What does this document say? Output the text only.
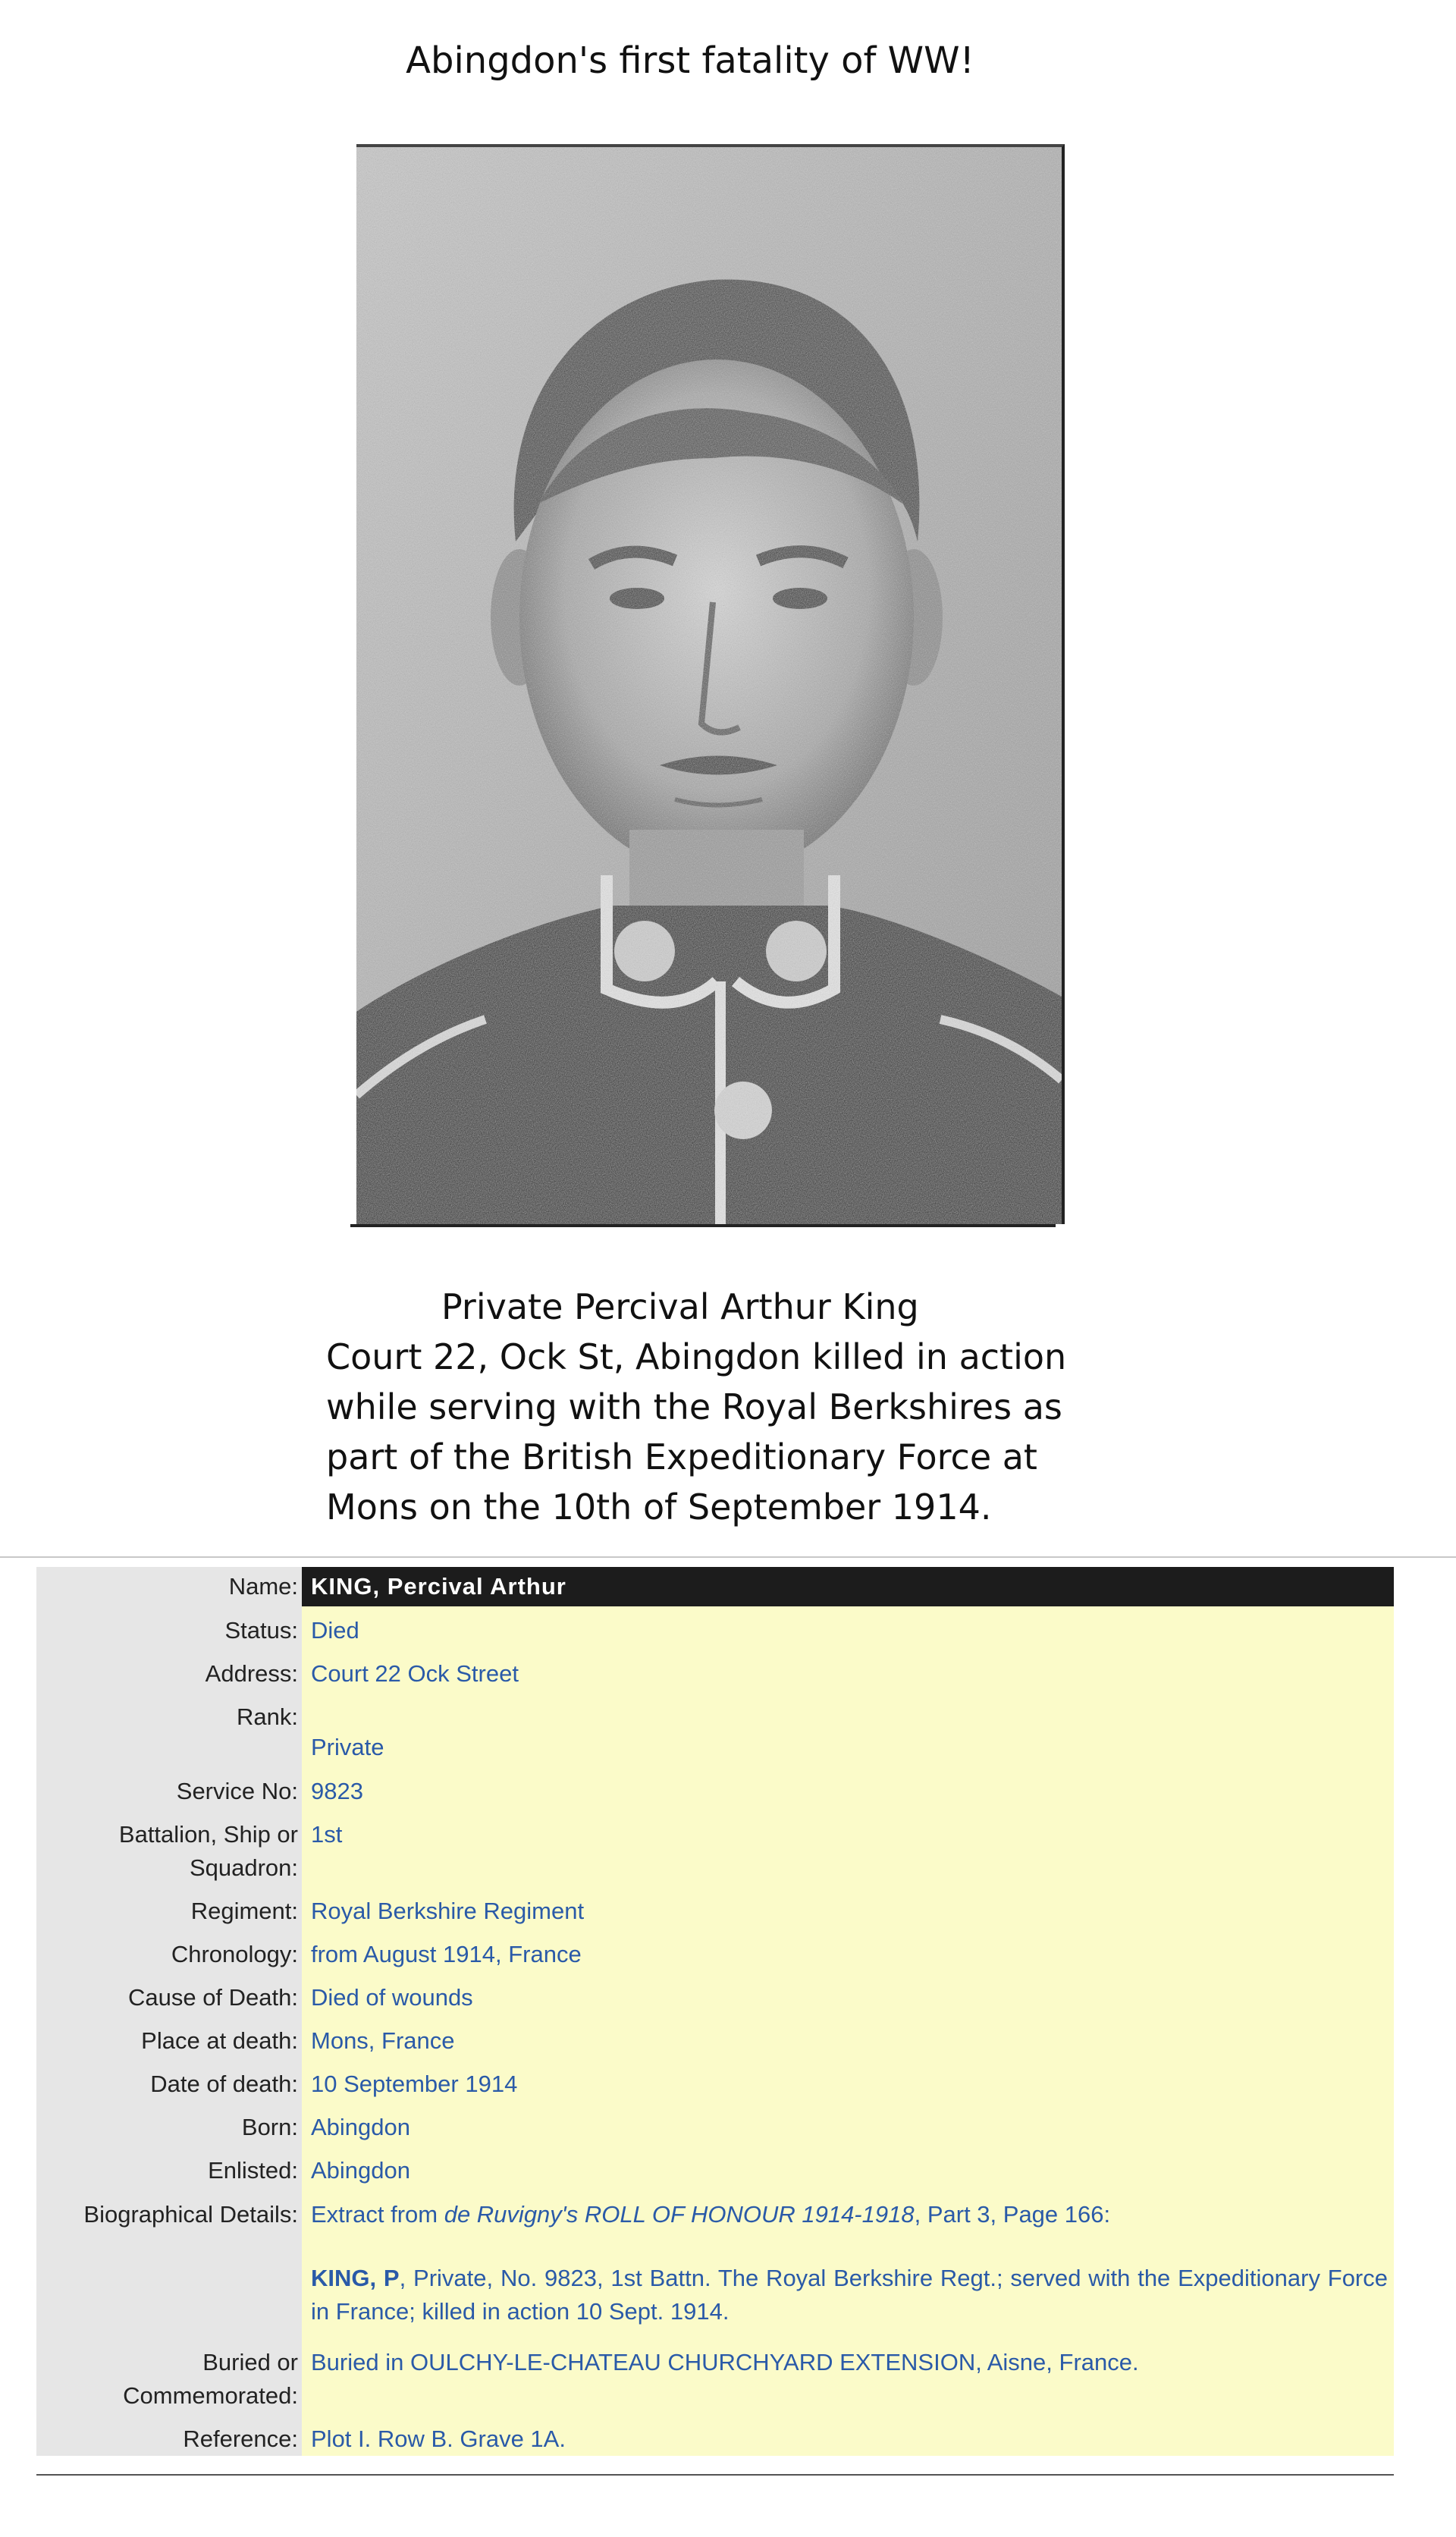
Abingdon's first fatality of WW!
Private Percival Arthur King
Court 22, Ock St, Abingdon killed in action
while serving with the Royal Berkshires as
part of the British Expeditionary Force at
Mons on the 10th of September 1914.
Name: KING, Percival Arthur
Status: Died
Address: Court 22 Ock Street
Rank:
Private
Service No: 9823
Battalion, Ship or 1st
Squadron:
Regiment: Royal Berkshire Regiment
Chronology: from August 1914, France
Cause of Death: Died of wounds
Place at death: Mons, France
Date of death: 10 September 1914
Born: Abingdon
Enlisted: Abingdon
Biographical Details: Extract from de Ruvigny's ROLL OF HONOUR 1914-1918, Part 3, Page 166:
KING, P, Private, No. 9823, 1st Battn. The Royal Berkshire Regt.; served with the Expeditionary Force in France; killed in action 10 Sept. 1914.
Buried or Buried in OULCHY-LE-CHATEAU CHURCHYARD EXTENSION, Aisne, France.
Commemorated:
Reference: Plot I. Row B. Grave 1A.
